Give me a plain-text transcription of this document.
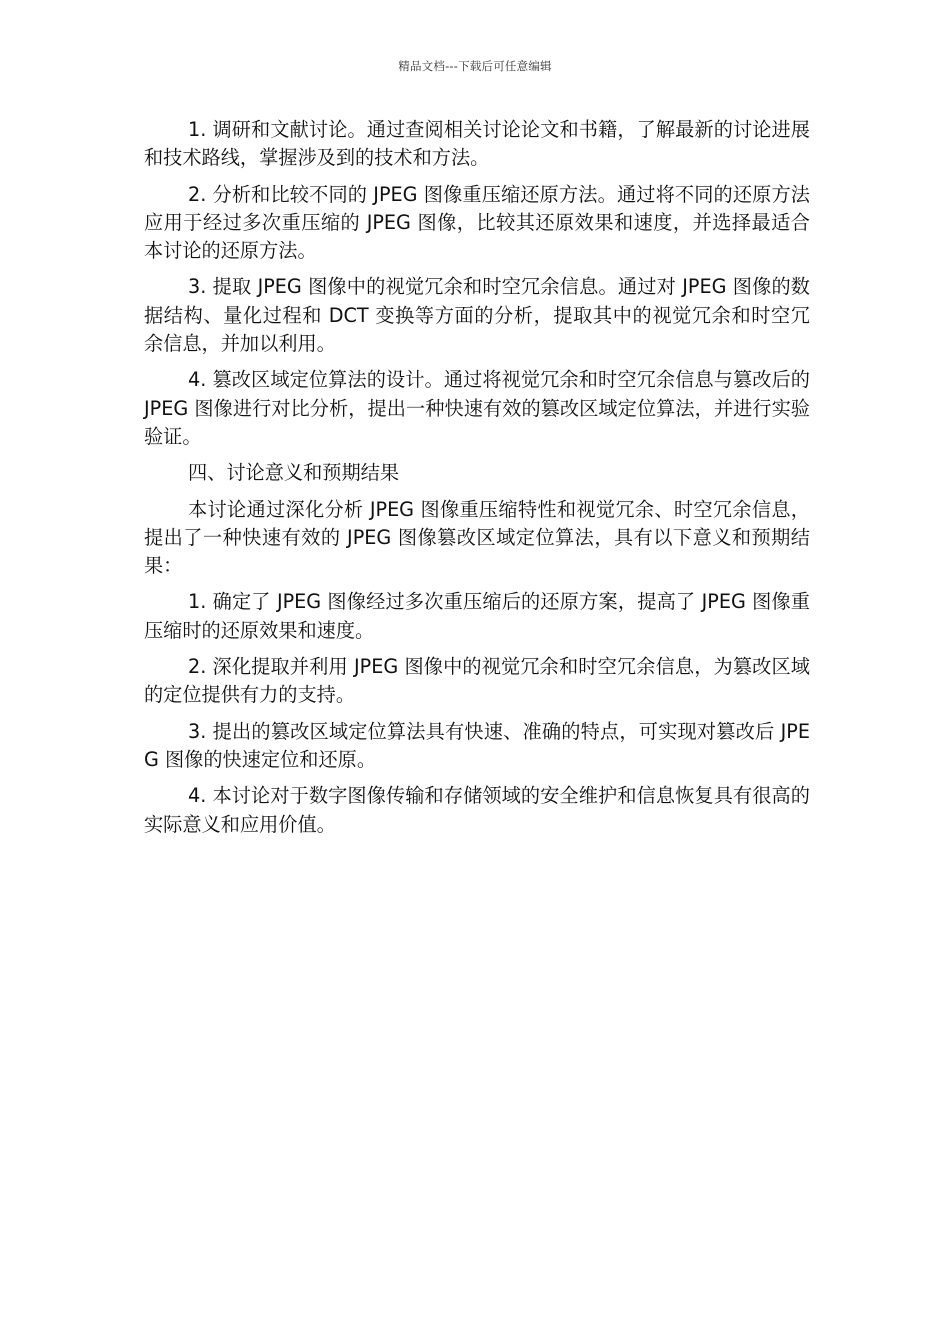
精品文档---下载后可任意编辑

1. 调研和文献讨论。通过查阅相关讨论论文和书籍，了解最新的讨论进展和技术路线，掌握涉及到的技术和方法。

2. 分析和比较不同的 JPEG 图像重压缩还原方法。通过将不同的还原方法应用于经过多次重压缩的 JPEG 图像，比较其还原效果和速度，并选择最适合本讨论的还原方法。

3. 提取 JPEG 图像中的视觉冗余和时空冗余信息。通过对 JPEG 图像的数据结构、量化过程和 DCT 变换等方面的分析，提取其中的视觉冗余和时空冗余信息，并加以利用。

4. 篡改区域定位算法的设计。通过将视觉冗余和时空冗余信息与篡改后的 JPEG 图像进行对比分析，提出一种快速有效的篡改区域定位算法，并进行实验验证。

四、讨论意义和预期结果

本讨论通过深化分析 JPEG 图像重压缩特性和视觉冗余、时空冗余信息，提出了一种快速有效的 JPEG 图像篡改区域定位算法，具有以下意义和预期结果：

1. 确定了 JPEG 图像经过多次重压缩后的还原方案，提高了 JPEG 图像重压缩时的还原效果和速度。

2. 深化提取并利用 JPEG 图像中的视觉冗余和时空冗余信息，为篡改区域的定位提供有力的支持。

3. 提出的篡改区域定位算法具有快速、准确的特点，可实现对篡改后 JPEG 图像的快速定位和还原。

4. 本讨论对于数字图像传输和存储领域的安全维护和信息恢复具有很高的实际意义和应用价值。
